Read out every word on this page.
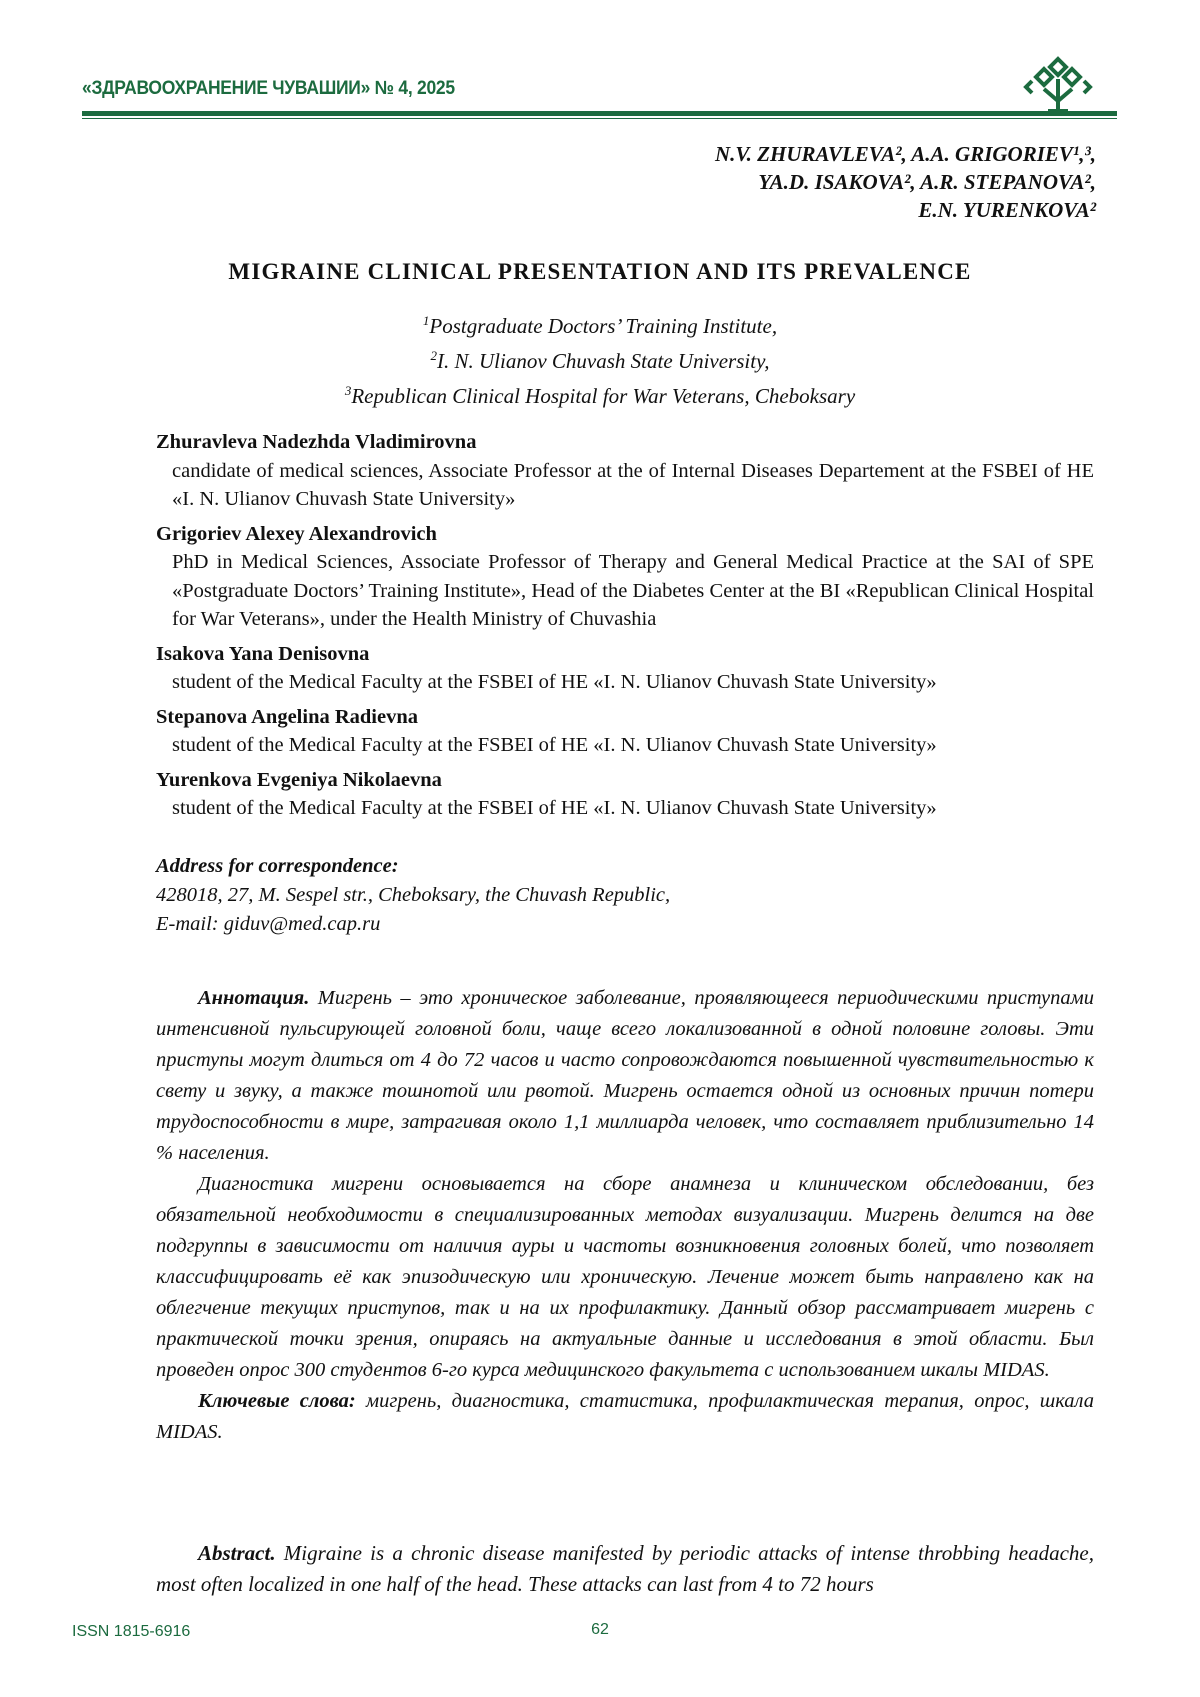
«ЗДРАВООХРАНЕНИЕ ЧУВАШИИ» № 4, 2025
N.V. ZHURAVLEVA², A.A. GRIGORIEV¹,³,
YA.D. ISAKOVA², A.R. STEPANOVA²,
E.N. YURENKOVA²
MIGRAINE CLINICAL PRESENTATION AND ITS PREVALENCE
$^1$Postgraduate Doctors’ Training Institute,
$^2$I. N. Ulianov Chuvash State University,
$^3$Republican Clinical Hospital for War Veterans, Cheboksary
Zhuravleva Nadezhda Vladimirovna
candidate of medical sciences, Associate Professor at the of Internal Diseases Departement at the FSBEI of HE «I. N. Ulianov Chuvash State University»
Grigoriev Alexey Alexandrovich
PhD in Medical Sciences, Associate Professor of Therapy and General Medical Practice at the SAI of SPE «Postgraduate Doctors’ Training Institute», Head of the Diabetes Center at the BI «Republican Clinical Hospital for War Veterans», under the Health Ministry of Chuvashia
Isakova Yana Denisovna
student of the Medical Faculty at the FSBEI of HE «I. N. Ulianov Chuvash State University»
Stepanova Angelina Radievna
student of the Medical Faculty at the FSBEI of HE «I. N. Ulianov Chuvash State University»
Yurenkova Evgeniya Nikolaevna
student of the Medical Faculty at the FSBEI of HE «I. N. Ulianov Chuvash State University»
Address for correspondence:
428018, 27, M. Sespel str., Cheboksary, the Chuvash Republic,
E-mail: giduv@med.cap.ru

Аннотация. Мигрень – это хроническое заболевание, проявляющееся периодическими приступами интенсивной пульсирующей головной боли, чаще всего локализованной в одной половине головы. Эти приступы могут длиться от 4 до 72 часов и часто сопровождаются повышенной чувствительностью к свету и звуку, а также тошнотой или рвотой. Мигрень остается одной из основных причин потери трудоспособности в мире, затрагивая около 1,1 миллиарда человек, что составляет приблизительно 14 % населения.

Диагностика мигрени основывается на сборе анамнеза и клиническом обследовании, без обязательной необходимости в специализированных методах визуализации. Мигрень делится на две подгруппы в зависимости от наличия ауры и частоты возникновения головных болей, что позволяет классифицировать её как эпизодическую или хроническую. Лечение может быть направлено как на облегчение текущих приступов, так и на их профилактику. Данный обзор рассматривает мигрень с практической точки зрения, опираясь на актуальные данные и исследования в этой области. Был проведен опрос 300 студентов 6-го курса медицинского факультета с использованием шкалы MIDAS.

Ключевые слова: мигрень, диагностика, статистика, профилактическая терапия, опрос, шкала MIDAS.

Abstract. Migraine is a chronic disease manifested by periodic attacks of intense throbbing headache, most often localized in one half of the head. These attacks can last from 4 to 72 hours
ISSN 1815-6916	62
